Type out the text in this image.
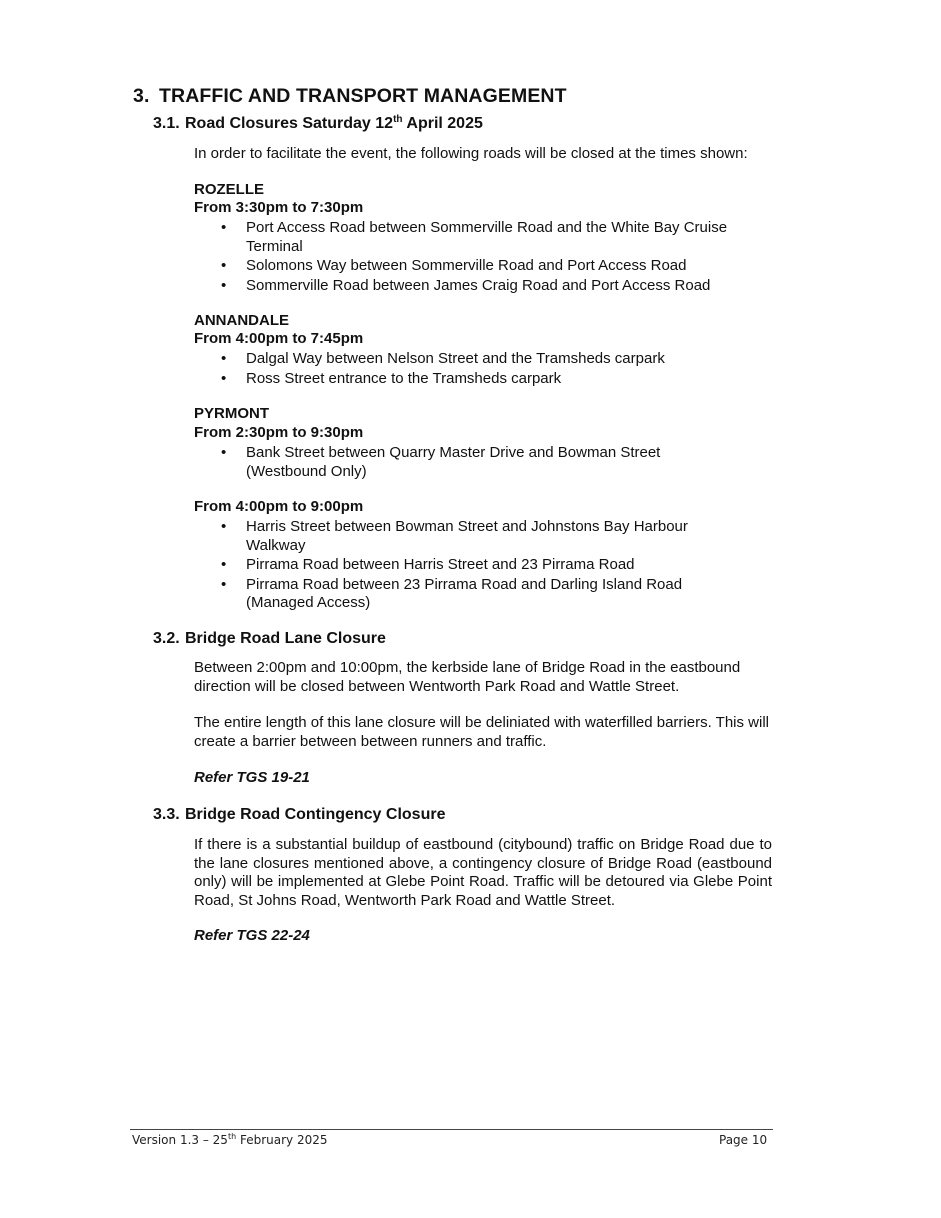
3. TRAFFIC AND TRANSPORT MANAGEMENT
3.1. Road Closures Saturday 12th April 2025
In order to facilitate the event, the following roads will be closed at the times shown:
ROZELLE
From 3:30pm to 7:30pm
• Port Access Road between Sommerville Road and the White Bay Cruise Terminal
• Solomons Way between Sommerville Road and Port Access Road
• Sommerville Road between James Craig Road and Port Access Road
ANNANDALE
From 4:00pm to 7:45pm
• Dalgal Way between Nelson Street and the Tramsheds carpark
• Ross Street entrance to the Tramsheds carpark
PYRMONT
From 2:30pm to 9:30pm
• Bank Street between Quarry Master Drive and Bowman Street (Westbound Only)
From 4:00pm to 9:00pm
• Harris Street between Bowman Street and Johnstons Bay Harbour Walkway
• Pirrama Road between Harris Street and 23 Pirrama Road
• Pirrama Road between 23 Pirrama Road and Darling Island Road (Managed Access)
3.2. Bridge Road Lane Closure
Between 2:00pm and 10:00pm, the kerbside lane of Bridge Road in the eastbound direction will be closed between Wentworth Park Road and Wattle Street.
The entire length of this lane closure will be deliniated with waterfilled barriers. This will create a barrier between between runners and traffic.
Refer TGS 19-21
3.3. Bridge Road Contingency Closure
If there is a substantial buildup of eastbound (citybound) traffic on Bridge Road due to the lane closures mentioned above, a contingency closure of Bridge Road (eastbound only) will be implemented at Glebe Point Road. Traffic will be detoured via Glebe Point Road, St Johns Road, Wentworth Park Road and Wattle Street.
Refer TGS 22-24
Version 1.3 – 25th February 2025	Page 10
